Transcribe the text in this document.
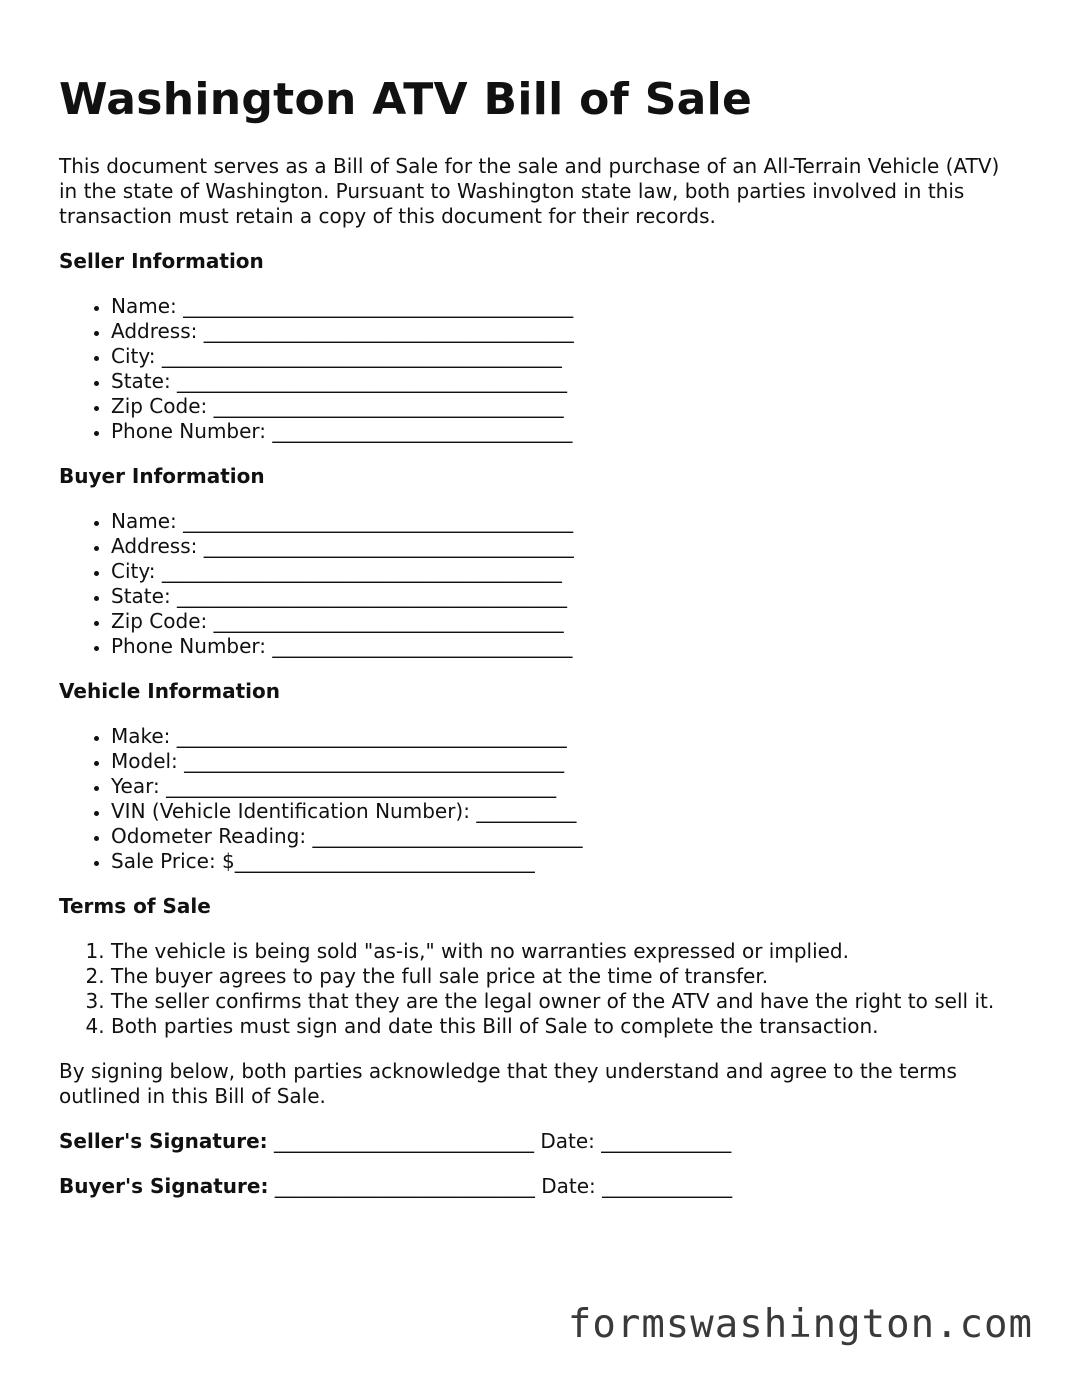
Washington ATV Bill of Sale

This document serves as a Bill of Sale for the sale and purchase of an All-Terrain Vehicle (ATV) in the state of Washington. Pursuant to Washington state law, both parties involved in this transaction must retain a copy of this document for their records.

Seller Information
• Name: _______________________________________
• Address: _____________________________________
• City: ________________________________________
• State: _______________________________________
• Zip Code: ___________________________________
• Phone Number: ______________________________
Buyer Information
• Name: _______________________________________
• Address: _____________________________________
• City: ________________________________________
• State: _______________________________________
• Zip Code: ___________________________________
• Phone Number: ______________________________
Vehicle Information
• Make: _______________________________________
• Model: ______________________________________
• Year: _______________________________________
• VIN (Vehicle Identification Number): __________
• Odometer Reading: ___________________________
• Sale Price: $______________________________
Terms of Sale
1. The vehicle is being sold "as-is," with no warranties expressed or implied.
2. The buyer agrees to pay the full sale price at the time of transfer.
3. The seller confirms that they are the legal owner of the ATV and have the right to sell it.
4. Both parties must sign and date this Bill of Sale to complete the transaction.

By signing below, both parties acknowledge that they understand and agree to the terms outlined in this Bill of Sale.

Seller's Signature: __________________________ Date: _____________

Buyer's Signature: __________________________ Date: _____________

formswashington.com
